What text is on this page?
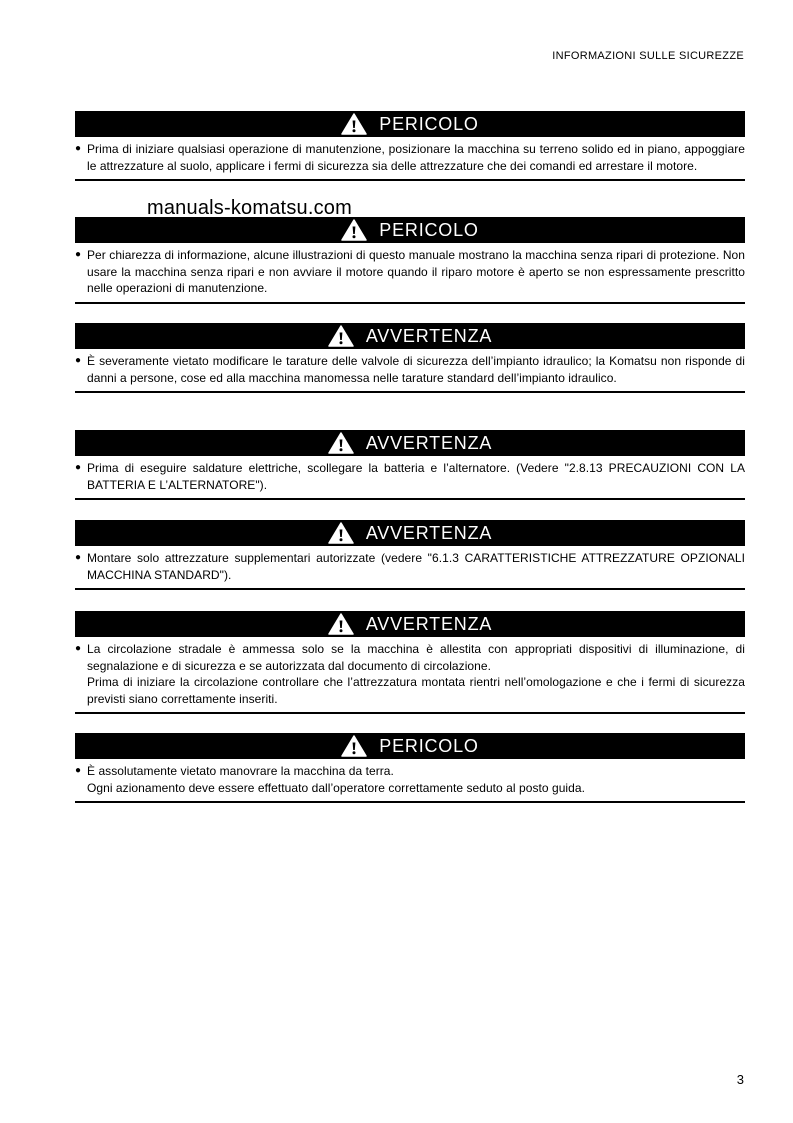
INFORMAZIONI SULLE SICUREZZE
manuals-komatsu.com
PERICOLO
● Prima di iniziare qualsiasi operazione di manutenzione, posizionare la macchina su terreno solido ed in piano, appoggiare le attrezzature al suolo, applicare i fermi di sicurezza sia delle attrezzature che dei comandi ed arrestare il motore.

PERICOLO
● Per chiarezza di informazione, alcune illustrazioni di questo manuale mostrano la macchina senza ripari di protezione. Non usare la macchina senza ripari e non avviare il motore quando il riparo motore è aperto se non espressamente prescritto nelle operazioni di manutenzione.

AVVERTENZA
● È severamente vietato modificare le tarature delle valvole di sicurezza dell’impianto idraulico; la Komatsu non risponde di danni a persone, cose ed alla macchina manomessa nelle tarature standard dell’impianto idraulico.

AVVERTENZA
● Prima di eseguire saldature elettriche, scollegare la batteria e l’alternatore. (Vedere "2.8.13 PRECAUZIONI CON LA BATTERIA E L’ALTERNATORE").

AVVERTENZA
● Montare solo attrezzature supplementari autorizzate (vedere "6.1.3 CARATTERISTICHE ATTREZZATURE OPZIONALI MACCHINA STANDARD").

AVVERTENZA
● La circolazione stradale è ammessa solo se la macchina è allestita con appropriati dispositivi di illuminazione, di segnalazione e di sicurezza e se autorizzata dal documento di circolazione.

Prima di iniziare la circolazione controllare che l’attrezzatura montata rientri nell’omologazione e che i fermi di sicurezza previsti siano correttamente inseriti.

PERICOLO
● È assolutamente vietato manovrare la macchina da terra.

Ogni azionamento deve essere effettuato dall’operatore correttamente seduto al posto guida.

3
